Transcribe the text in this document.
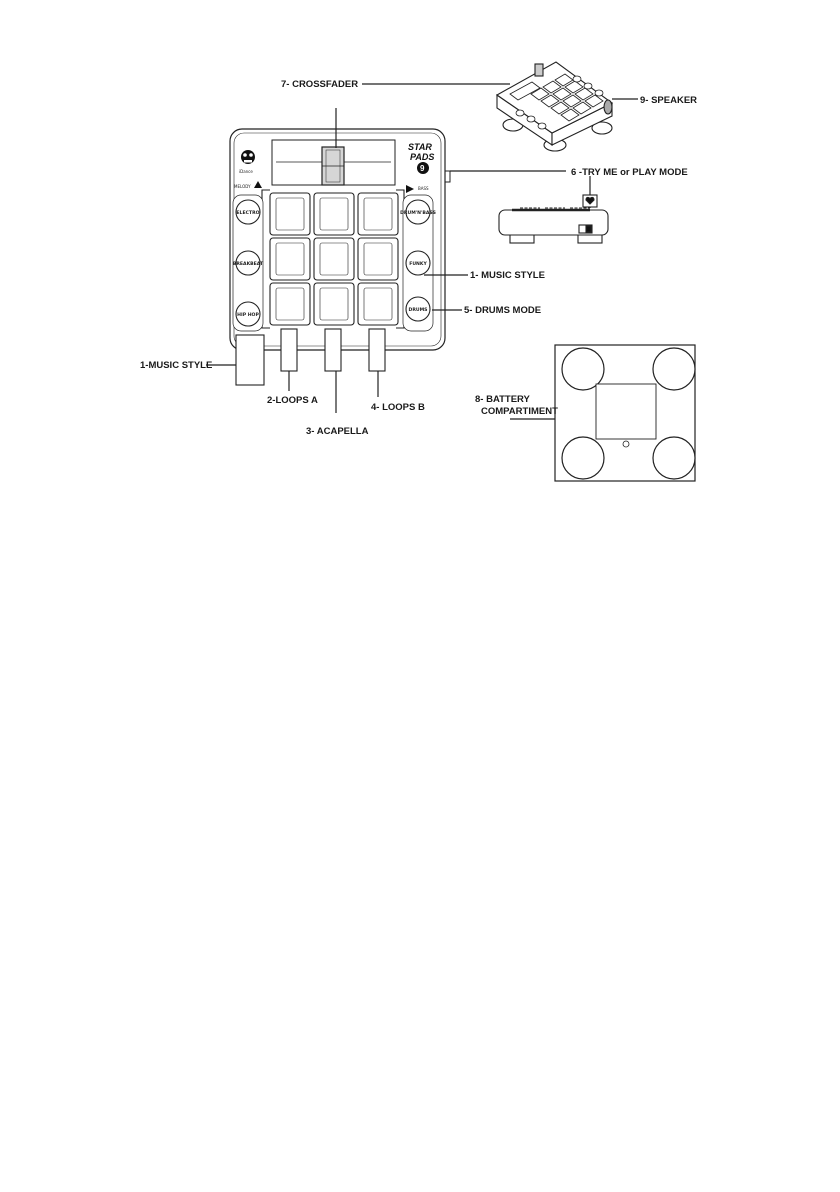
iDance
STAR
PADS
9
MELODY	BASS
ELECTRO
BREAKBEAT
HIP HOP
DRUM'N'BASS
FUNKY
DRUMS
7- CROSSFADER
9- SPEAKER
6 -TRY ME or PLAY MODE
1- MUSIC STYLE
5- DRUMS MODE
1-MUSIC STYLE
2-LOOPS A
4- LOOPS B
3- ACAPELLA
8- BATTERY
COMPARTIMENT
